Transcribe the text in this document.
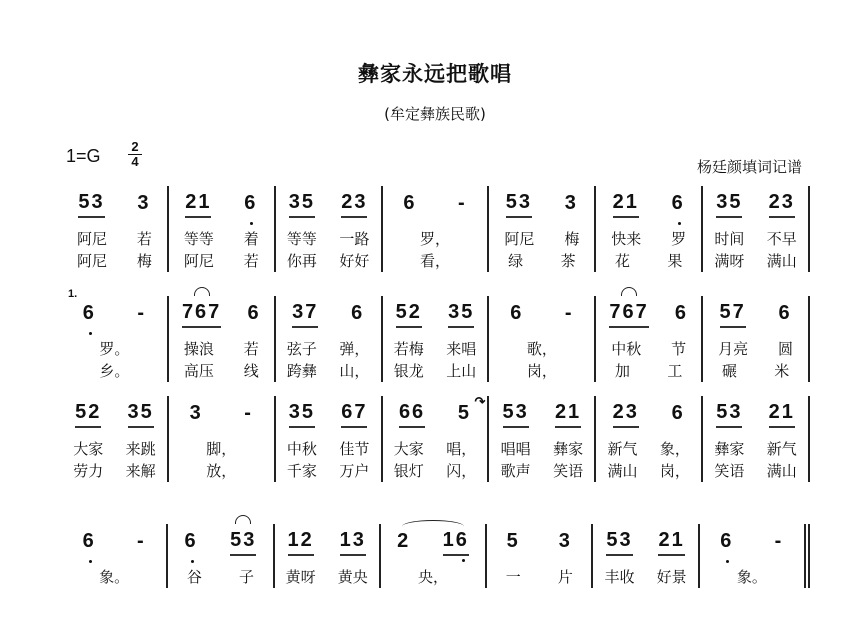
彝家永远把歌唱
(牟定彝族民歌)
$1=G \frac{2}{4}$	杨廷颜填词记谱
53 3
阿尼 若
阿尼 梅
21 6
等等 着
阿尼 若
35 23
等等 一路
你再 好好
6 -
罗，
看，
53 3
阿尼 梅
绿 茶
21 6
快来 罗
花 果
35 23
时间 不早
满呀 满山
1.
6 -
罗。
乡。
767 6
操浪 若
高压 线
37 6
弦子 弹，
跨彝 山，
52 35
若梅 来唱
银龙 上山
6 -
歌，
岗，
767 6
中秋 节
加 工
57 6
月亮 圆
碾 米
52 35
大家 来跳
劳力 来解
3 -
脚，
放，
35 67
中秋 佳节
千家 万户
66 5 ↷
大家 唱，
银灯 闪，
53 21
唱唱 彝家
歌声 笑语
23 6
新气 象，
满山 岗，
53 21
彝家 新气
笑语 满山
6 -
象。
6 53
谷 子
12 13
黄呀 黄央
2 16
央，
5 3
一 片
53 21
丰收 好景
6 -
象。
